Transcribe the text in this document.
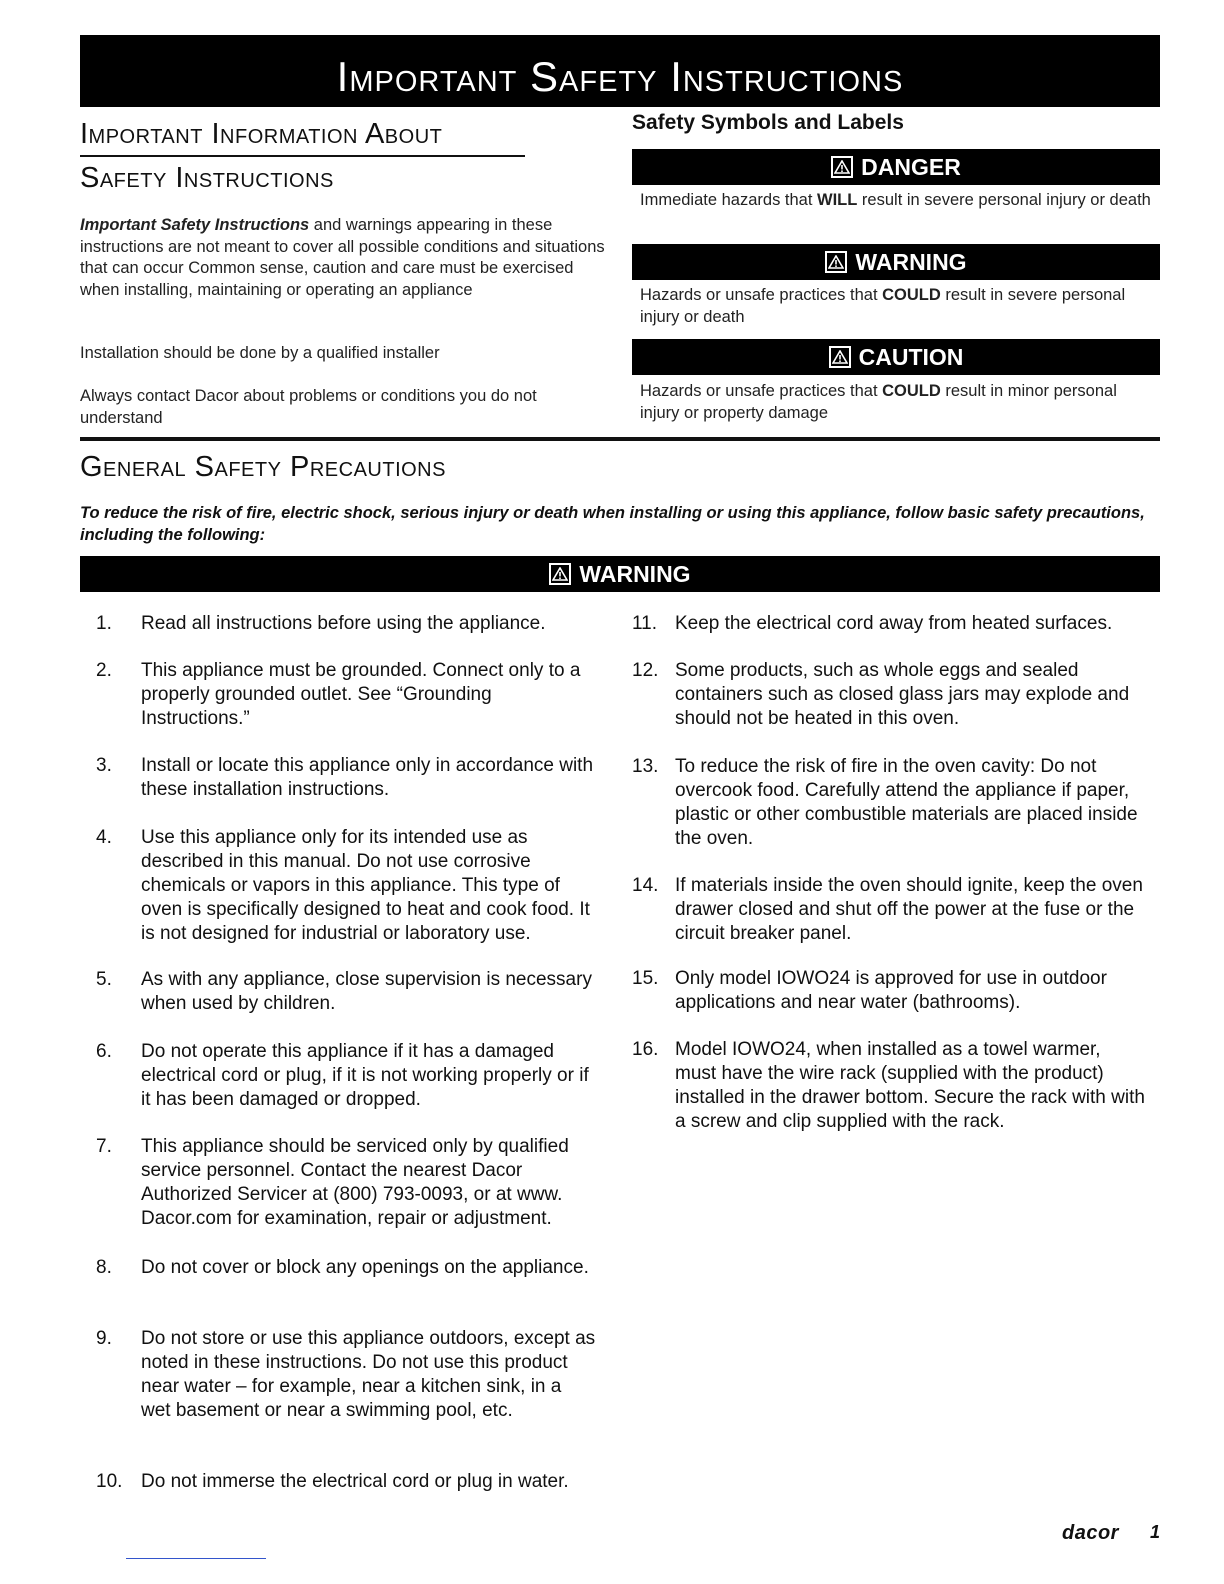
Important Safety Instructions
Important Information About
Safety Instructions
Important Safety Instructions and warnings appearing in these instructions are not meant to cover all possible conditions and situations that can occur Common sense, caution and care must be exercised when installing, maintaining or operating an appliance
Installation should be done by a qualified installer
Always contact Dacor about problems or conditions you do not understand
Safety Symbols and Labels
DANGER
Immediate hazards that WILL result in severe personal injury or death
WARNING
Hazards or unsafe practices that COULD result in severe personal injury or death
CAUTION
Hazards or unsafe practices that COULD result in minor personal injury or property damage
General Safety Precautions
To reduce the risk of fire, electric shock, serious injury or death when installing or using this appliance, follow basic safety precautions, including the following:
WARNING
1.	Read all instructions before using the appliance.
2.	This appliance must be grounded. Connect only to a properly grounded outlet. See “Grounding Instructions.”
3.	Install or locate this appliance only in accordance with these installation instructions.
4.	Use this appliance only for its intended use as described in this manual. Do not use corrosive chemicals or vapors in this appliance. This type of oven is specifically designed to heat and cook food. It is not designed for industrial or laboratory use.
5.	As with any appliance, close supervision is necessary when used by children.
6.	Do not operate this appliance if it has a damaged electrical cord or plug, if it is not working properly or if it has been damaged or dropped.
7.	This appliance should be serviced only by qualified service personnel. Contact the nearest Dacor Authorized Servicer at (800) 793-0093, or at www. Dacor.com for examination, repair or adjustment.
8.	Do not cover or block any openings on the appliance.
9.	Do not store or use this appliance outdoors, except as noted in these instructions. Do not use this product near water – for example, near a kitchen sink, in a wet basement or near a swimming pool, etc.
10. Do not immerse the electrical cord or plug in water.
11. Keep the electrical cord away from heated surfaces.
12. Some products, such as whole eggs and sealed containers such as closed glass jars may explode and should not be heated in this oven.
13. To reduce the risk of fire in the oven cavity: Do not overcook food. Carefully attend the appliance if paper, plastic or other combustible materials are placed inside the oven.
14. If materials inside the oven should ignite, keep the oven drawer closed and shut off the power at the fuse or the circuit breaker panel.
15. Only model IOWO24 is approved for use in outdoor applications and near water (bathrooms).
16. Model IOWO24, when installed as a towel warmer, must have the wire rack (supplied with the product) installed in the drawer bottom. Secure the rack with with a screw and clip supplied with the rack.
dacor 1
